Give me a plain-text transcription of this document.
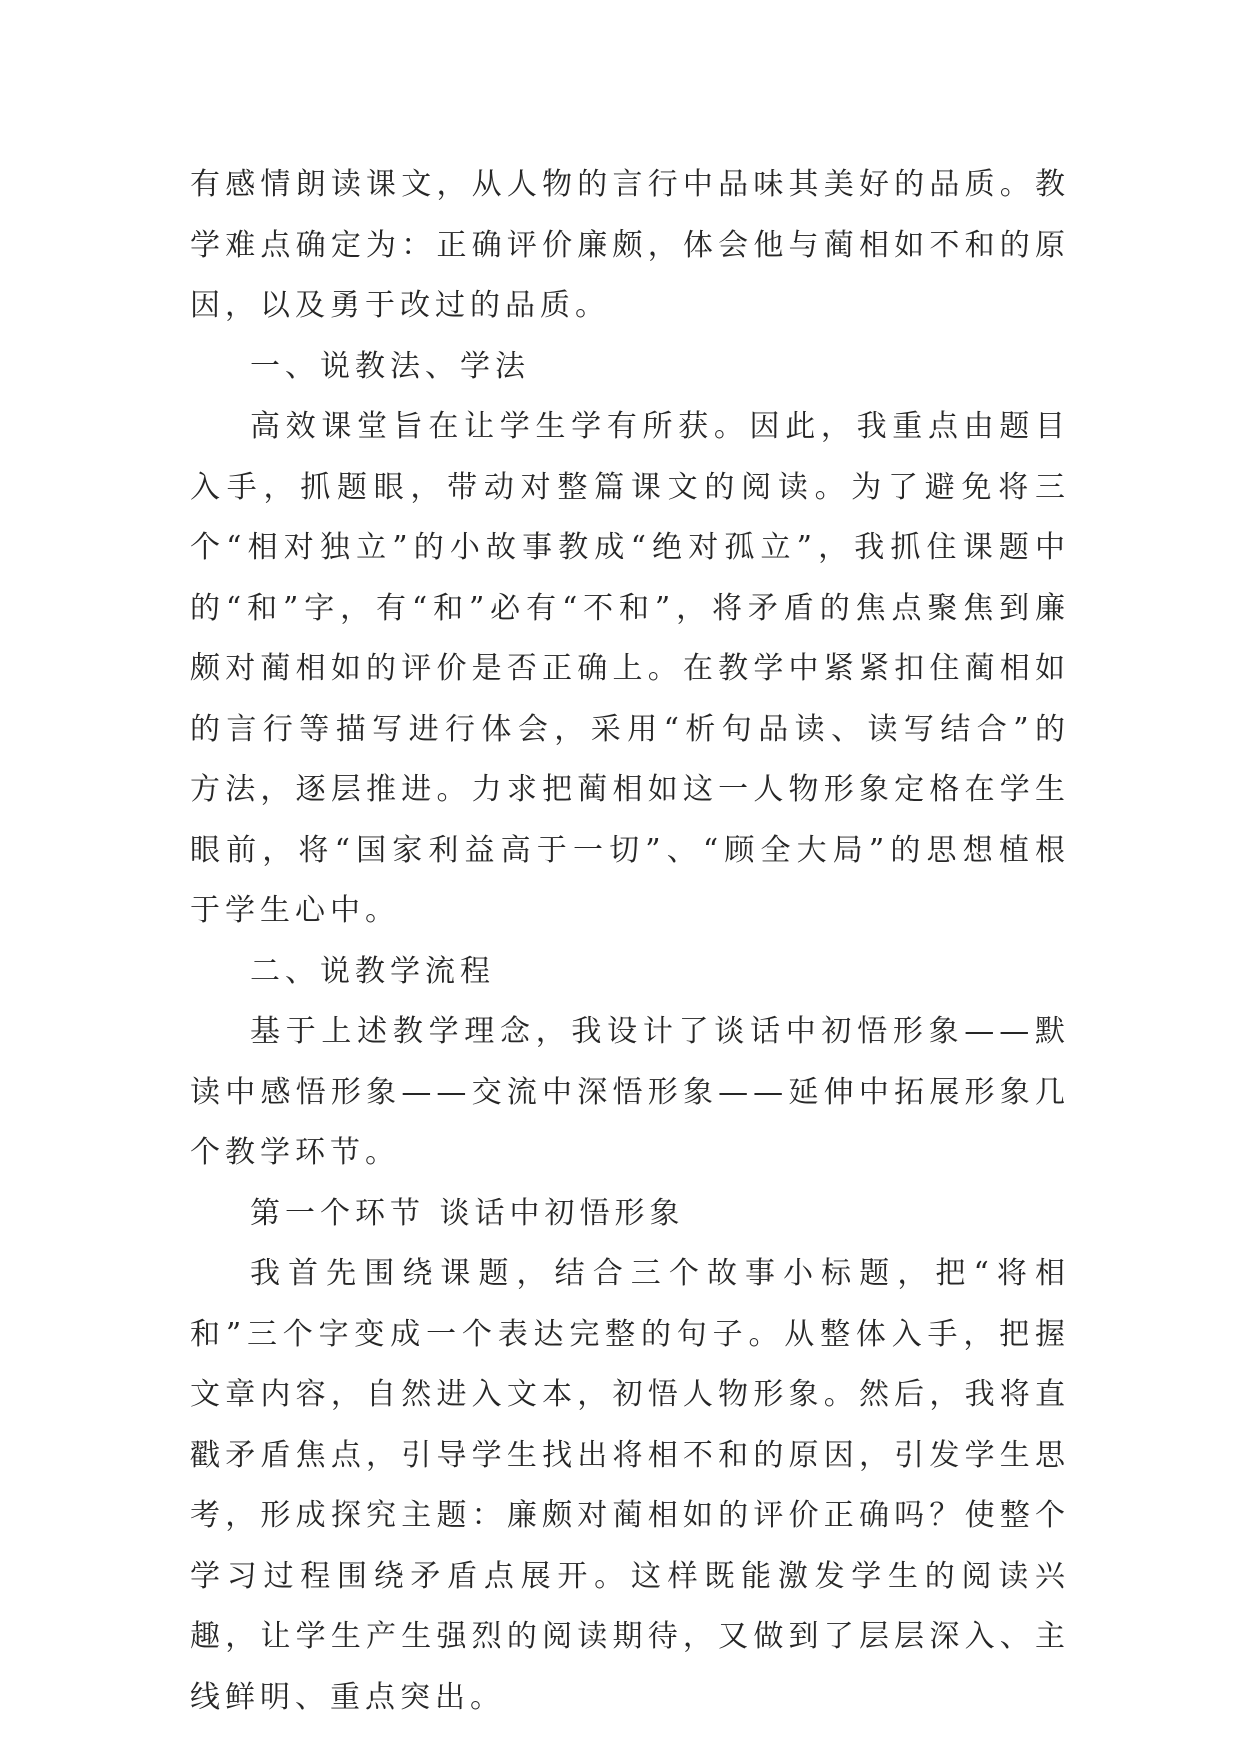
有感情朗读课文，从人物的言行中品味其美好的品质。教学难点确定为：正确评价廉颇，体会他与蔺相如不和的原因，以及勇于改过的品质。

一、说教法、学法

高效课堂旨在让学生学有所获。因此，我重点由题目入手，抓题眼，带动对整篇课文的阅读。为了避免将三个“相对独立”的小故事教成“绝对孤立”，我抓住课题中的“和”字，有“和”必有“不和”，将矛盾的焦点聚焦到廉颇对蔺相如的评价是否正确上。在教学中紧紧扣住蔺相如的言行等描写进行体会，采用“析句品读、读写结合”的方法，逐层推进。力求把蔺相如这一人物形象定格在学生眼前，将“国家利益高于一切”、“顾全大局”的思想植根于学生心中。

二、说教学流程

基于上述教学理念，我设计了谈话中初悟形象——默读中感悟形象——交流中深悟形象——延伸中拓展形象几个教学环节。

第一个环节 谈话中初悟形象

我首先围绕课题，结合三个故事小标题，把“将相和”三个字变成一个表达完整的句子。从整体入手，把握文章内容，自然进入文本，初悟人物形象。然后，我将直戳矛盾焦点，引导学生找出将相不和的原因，引发学生思考，形成探究主题：廉颇对蔺相如的评价正确吗？使整个学习过程围绕矛盾点展开。这样既能激发学生的阅读兴趣，让学生产生强烈的阅读期待，又做到了层层深入、主线鲜明、重点突出。
